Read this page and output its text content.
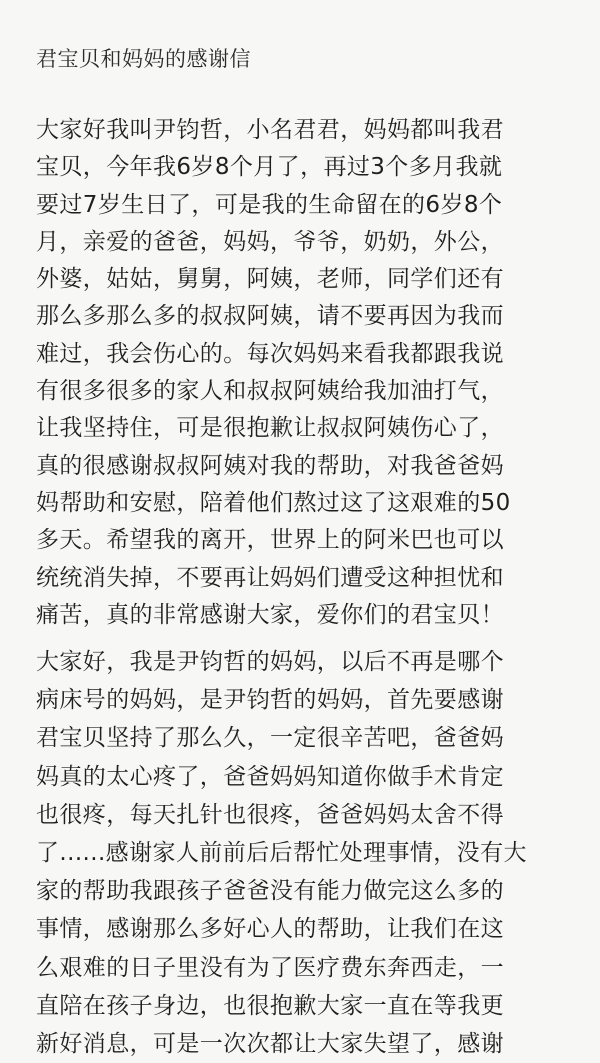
君宝贝和妈妈的感谢信
大家好我叫尹钧哲，小名君君，妈妈都叫我君
宝贝，今年我6岁8个月了，再过3个多月我就
要过7岁生日了，可是我的生命留在的6岁8个
月，亲爱的爸爸，妈妈，爷爷，奶奶，外公，
外婆，姑姑，舅舅，阿姨，老师，同学们还有
那么多那么多的叔叔阿姨，请不要再因为我而
难过，我会伤心的。每次妈妈来看我都跟我说
有很多很多的家人和叔叔阿姨给我加油打气，
让我坚持住，可是很抱歉让叔叔阿姨伤心了，
真的很感谢叔叔阿姨对我的帮助，对我爸爸妈
妈帮助和安慰，陪着他们熬过这了这艰难的50
多天。希望我的离开，世界上的阿米巴也可以
统统消失掉，不要再让妈妈们遭受这种担忧和
痛苦，真的非常感谢大家，爱你们的君宝贝！
大家好，我是尹钧哲的妈妈，以后不再是哪个
病床号的妈妈，是尹钧哲的妈妈，首先要感谢
君宝贝坚持了那么久，一定很辛苦吧，爸爸妈
妈真的太心疼了，爸爸妈妈知道你做手术肯定
也很疼，每天扎针也很疼，爸爸妈妈太舍不得
了......感谢家人前前后后帮忙处理事情，没有大
家的帮助我跟孩子爸爸没有能力做完这么多的
事情，感谢那么多好心人的帮助，让我们在这
么艰难的日子里没有为了医疗费东奔西走，一
直陪在孩子身边，也很抱歉大家一直在等我更
新好消息，可是一次次都让大家失望了，感谢
